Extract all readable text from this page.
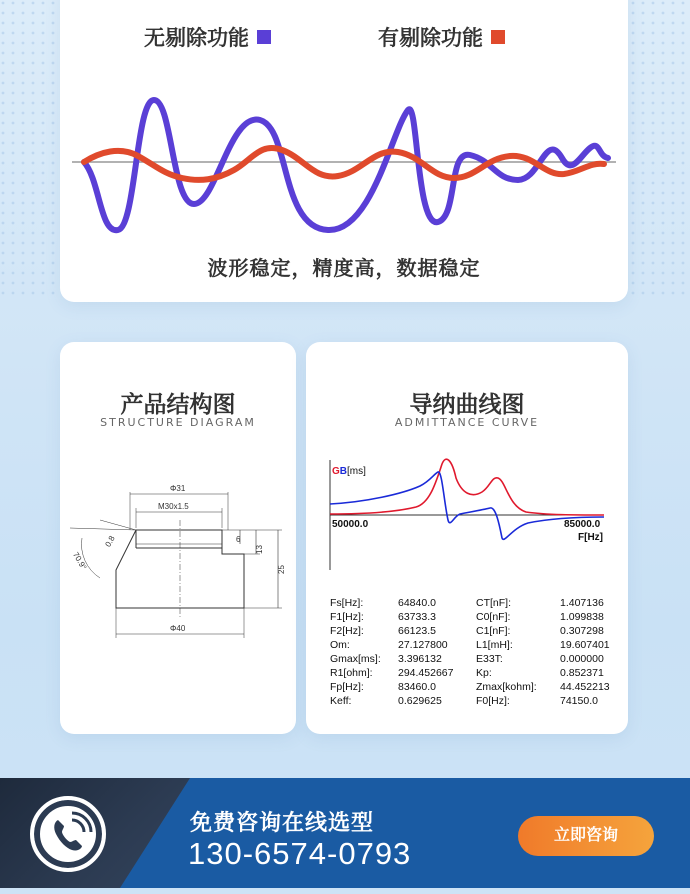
无剔除功能	有剔除功能
波形稳定，精度高，数据稳定
产品结构图
STRUCTURE DIAGRAM
Φ31
M30x1.5
6
13
25
Φ40
0.8
70.9°
导纳曲线图
ADMITTANCE CURVE
GB[ms]
50000.0	85000.0
F[Hz]
Fs[Hz]:	64840.0	CT[nF]:	1.407136
F1[Hz]:	63733.3	C0[nF]:	1.099838
F2[Hz]:	66123.5	C1[nF]:	0.307298
Om:	27.127800	L1[mH]:	19.607401
Gmax[ms]:	3.396132	E33T:	0.000000
R1[ohm]:	294.452667	Kp:	0.852371
Fp[Hz]:	83460.0	Zmax[kohm]:	44.452213
Keff:	0.629625	F0[Hz]:	74150.0
免费咨询在线选型
130-6574-0793
立即咨询
